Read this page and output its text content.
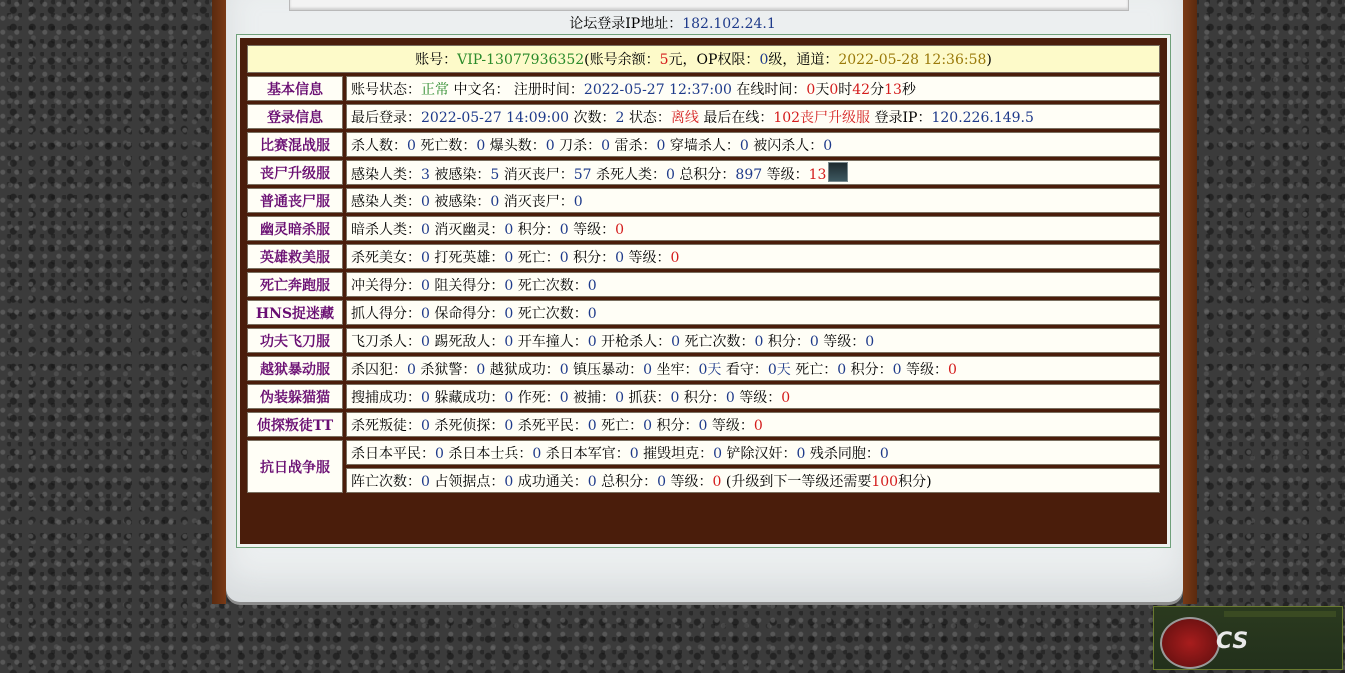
论坛登录IP地址：182.102.24.1
账号：VIP-13077936352(账号余额：5元，OP权限：0级，通道：2022-05-28 12:36:58)	
基本信息	账号状态：正常 中文名： 注册时间：2022-05-27 12:37:00 在线时间：0天0时42分13秒
登录信息	最后登录：2022-05-27 14:09:00 次数：2 状态：离线 最后在线：102丧尸升级服 登录IP：120.226.149.5
比赛混战服	杀人数：0 死亡数：0 爆头数：0 刀杀：0 雷杀：0 穿墙杀人：0 被闪杀人：0
丧尸升级服	感染人类：3 被感染：5 消灭丧尸：57 杀死人类：0 总积分：897 等级：13
普通丧尸服	感染人类：0 被感染：0 消灭丧尸：0
幽灵暗杀服	暗杀人类：0 消灭幽灵：0 积分：0 等级：0
英雄救美服	杀死美女：0 打死英雄：0 死亡：0 积分：0 等级：0
死亡奔跑服	冲关得分：0 阻关得分：0 死亡次数：0
HNS捉迷藏	抓人得分：0 保命得分：0 死亡次数：0
功夫飞刀服	飞刀杀人：0 踢死敌人：0 开车撞人：0 开枪杀人：0 死亡次数：0 积分：0 等级：0
越狱暴动服	杀囚犯：0 杀狱警：0 越狱成功：0 镇压暴动：0 坐牢：0天 看守：0天 死亡：0 积分：0 等级：0
伪装躲猫猫	搜捕成功：0 躲藏成功：0 作死：0 被捕：0 抓获：0 积分：0 等级：0
侦探叛徒TT	杀死叛徒：0 杀死侦探：0 杀死平民：0 死亡：0 积分：0 等级：0
抗日战争服	杀日本平民：0 杀日本士兵：0 杀日本军官：0 摧毁坦克：0 铲除汉奸：0 残杀同胞：0
	阵亡次数：0 占领据点：0 成功通关：0 总积分：0 等级：0 (升级到下一等级还需要100积分)
CS
